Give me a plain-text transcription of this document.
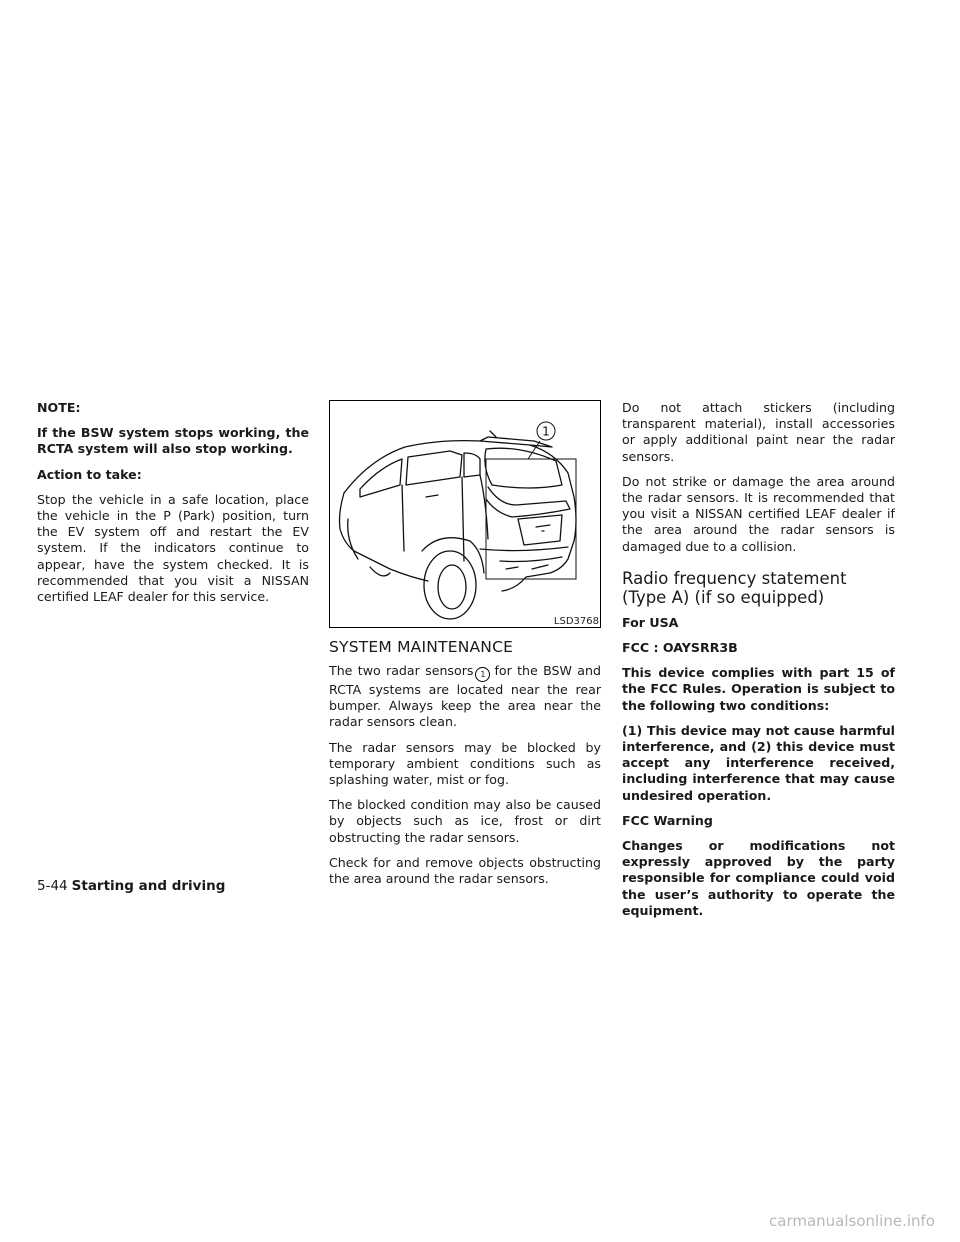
NOTE:

If the BSW system stops working, the RCTA system will also stop working.

Action to take:

Stop the vehicle in a safe location, place the vehicle in the P (Park) position, turn the EV system off and restart the EV system. If the indicators continue to appear, have the system checked. It is recommended that you visit a NISSAN certified LEAF dealer for this service.

1
LSD3768
SYSTEM MAINTENANCE

The two radar sensors 1 for the BSW and RCTA systems are located near the rear bumper. Always keep the area near the radar sensors clean.

The radar sensors may be blocked by temporary ambient conditions such as splashing water, mist or fog.

The blocked condition may also be caused by objects such as ice, frost or dirt obstructing the radar sensors.

Check for and remove objects obstructing the area around the radar sensors.

Do not attach stickers (including transparent material), install accessories or apply additional paint near the radar sensors.

Do not strike or damage the area around the radar sensors. It is recommended that you visit a NISSAN certified LEAF dealer if the area around the radar sensors is damaged due to a collision.

Radio frequency statement (Type A) (if so equipped)

For USA

FCC : OAYSRR3B

This device complies with part 15 of the FCC Rules. Operation is subject to the following two conditions:

(1) This device may not cause harmful interference, and (2) this device must accept any interference received, including interference that may cause undesired operation.

FCC Warning

Changes or modifications not expressly approved by the party responsible for compliance could void the user’s authority to operate the equipment.

5-44 Starting and driving
carmanualsonline.info
